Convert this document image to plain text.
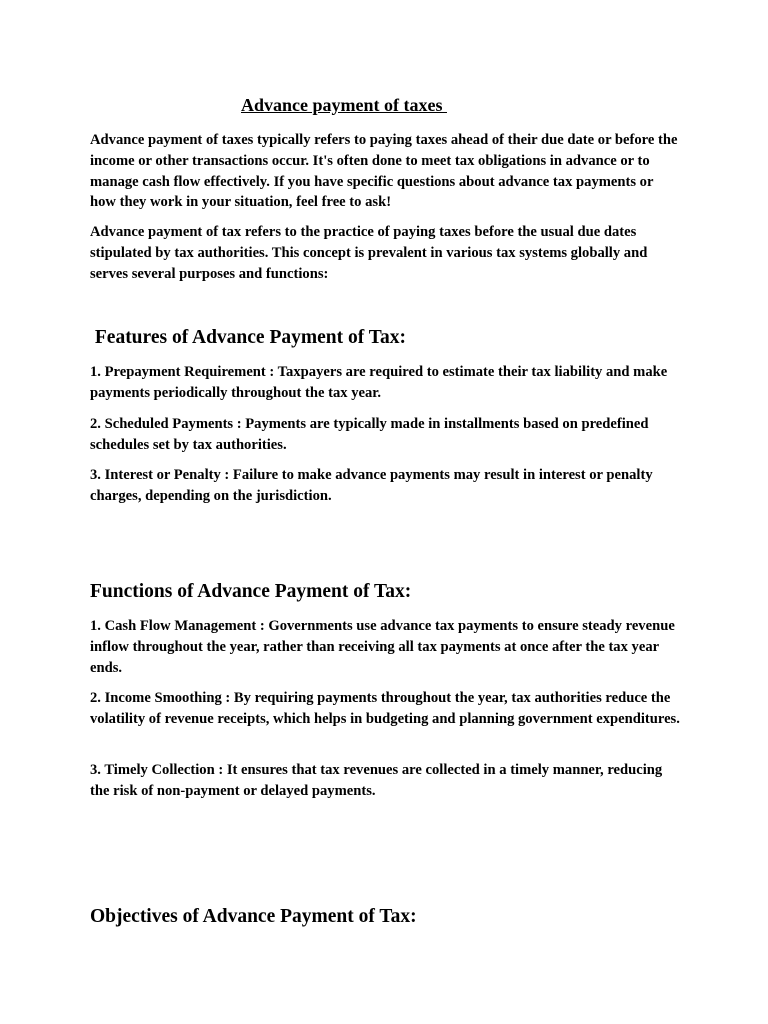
Advance payment of taxes

Advance payment of taxes typically refers to paying taxes ahead of their due date or before the income or other transactions occur. It's often done to meet tax obligations in advance or to manage cash flow effectively. If you have specific questions about advance tax payments or how they work in your situation, feel free to ask!

Advance payment of tax refers to the practice of paying taxes before the usual due dates stipulated by tax authorities. This concept is prevalent in various tax systems globally and serves several purposes and functions:

Features of Advance Payment of Tax:

1. Prepayment Requirement : Taxpayers are required to estimate their tax liability and make payments periodically throughout the tax year.

2. Scheduled Payments : Payments are typically made in installments based on predefined schedules set by tax authorities.

3. Interest or Penalty : Failure to make advance payments may result in interest or penalty charges, depending on the jurisdiction.

Functions of Advance Payment of Tax:

1. Cash Flow Management : Governments use advance tax payments to ensure steady revenue inflow throughout the year, rather than receiving all tax payments at once after the tax year ends.

2. Income Smoothing : By requiring payments throughout the year, tax authorities reduce the volatility of revenue receipts, which helps in budgeting and planning government expenditures.

3. Timely Collection : It ensures that tax revenues are collected in a timely manner, reducing the risk of non-payment or delayed payments.

Objectives of Advance Payment of Tax:
